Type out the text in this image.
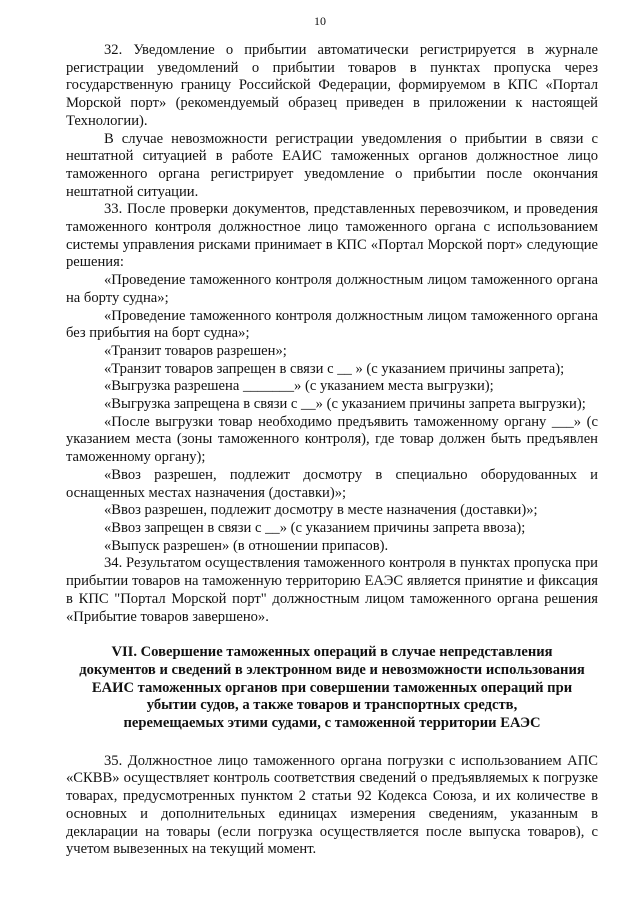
10

32. Уведомление о прибытии автоматически регистрируется в журнале регистрации уведомлений о прибытии товаров в пунктах пропуска через государственную границу Российской Федерации, формируемом в КПС «Портал Морской порт» (рекомендуемый образец приведен в приложении к настоящей Технологии).

В случае невозможности регистрации уведомления о прибытии в связи с нештатной ситуацией в работе ЕАИС таможенных органов должностное лицо таможенного органа регистрирует уведомление о прибытии после окончания нештатной ситуации.

33. После проверки документов, представленных перевозчиком, и проведения таможенного контроля должностное лицо таможенного органа с использованием системы управления рисками принимает в КПС «Портал Морской порт» следующие решения:

«Проведение таможенного контроля должностным лицом таможенного органа на борту судна»;

«Проведение таможенного контроля должностным лицом таможенного органа без прибытия на борт судна»;

«Транзит товаров разрешен»;

«Транзит товаров запрещен в связи с __ » (с указанием причины запрета);

«Выгрузка разрешена _______» (с указанием места выгрузки);

«Выгрузка запрещена в связи с __» (с указанием причины запрета выгрузки);

«После выгрузки товар необходимо предъявить таможенному органу ___» (с указанием места (зоны таможенного контроля), где товар должен быть предъявлен таможенному органу);

«Ввоз разрешен, подлежит досмотру в специально оборудованных и оснащенных местах назначения (доставки)»;

«Ввоз разрешен, подлежит досмотру в месте назначения (доставки)»;

«Ввоз запрещен в связи с __» (с указанием причины запрета ввоза);

«Выпуск разрешен» (в отношении припасов).

34. Результатом осуществления таможенного контроля в пунктах пропуска при прибытии товаров на таможенную территорию ЕАЭС является принятие и фиксация в КПС "Портал Морской порт" должностным лицом таможенного органа решения «Прибытие товаров завершено».

VII. Совершение таможенных операций в случае непредставления
документов и сведений в электронном виде и невозможности использования
ЕАИС таможенных органов при совершении таможенных операций при
убытии судов, а также товаров и транспортных средств,
перемещаемых этими судами, с таможенной территории ЕАЭС

35. Должностное лицо таможенного органа погрузки с использованием АПС «СКВВ» осуществляет контроль соответствия сведений о предъявляемых к погрузке товарах, предусмотренных пунктом 2 статьи 92 Кодекса Союза, и их количестве в основных и дополнительных единицах измерения сведениям, указанным в декларации на товары (если погрузка осуществляется после выпуска товаров), с учетом вывезенных на текущий момент.
